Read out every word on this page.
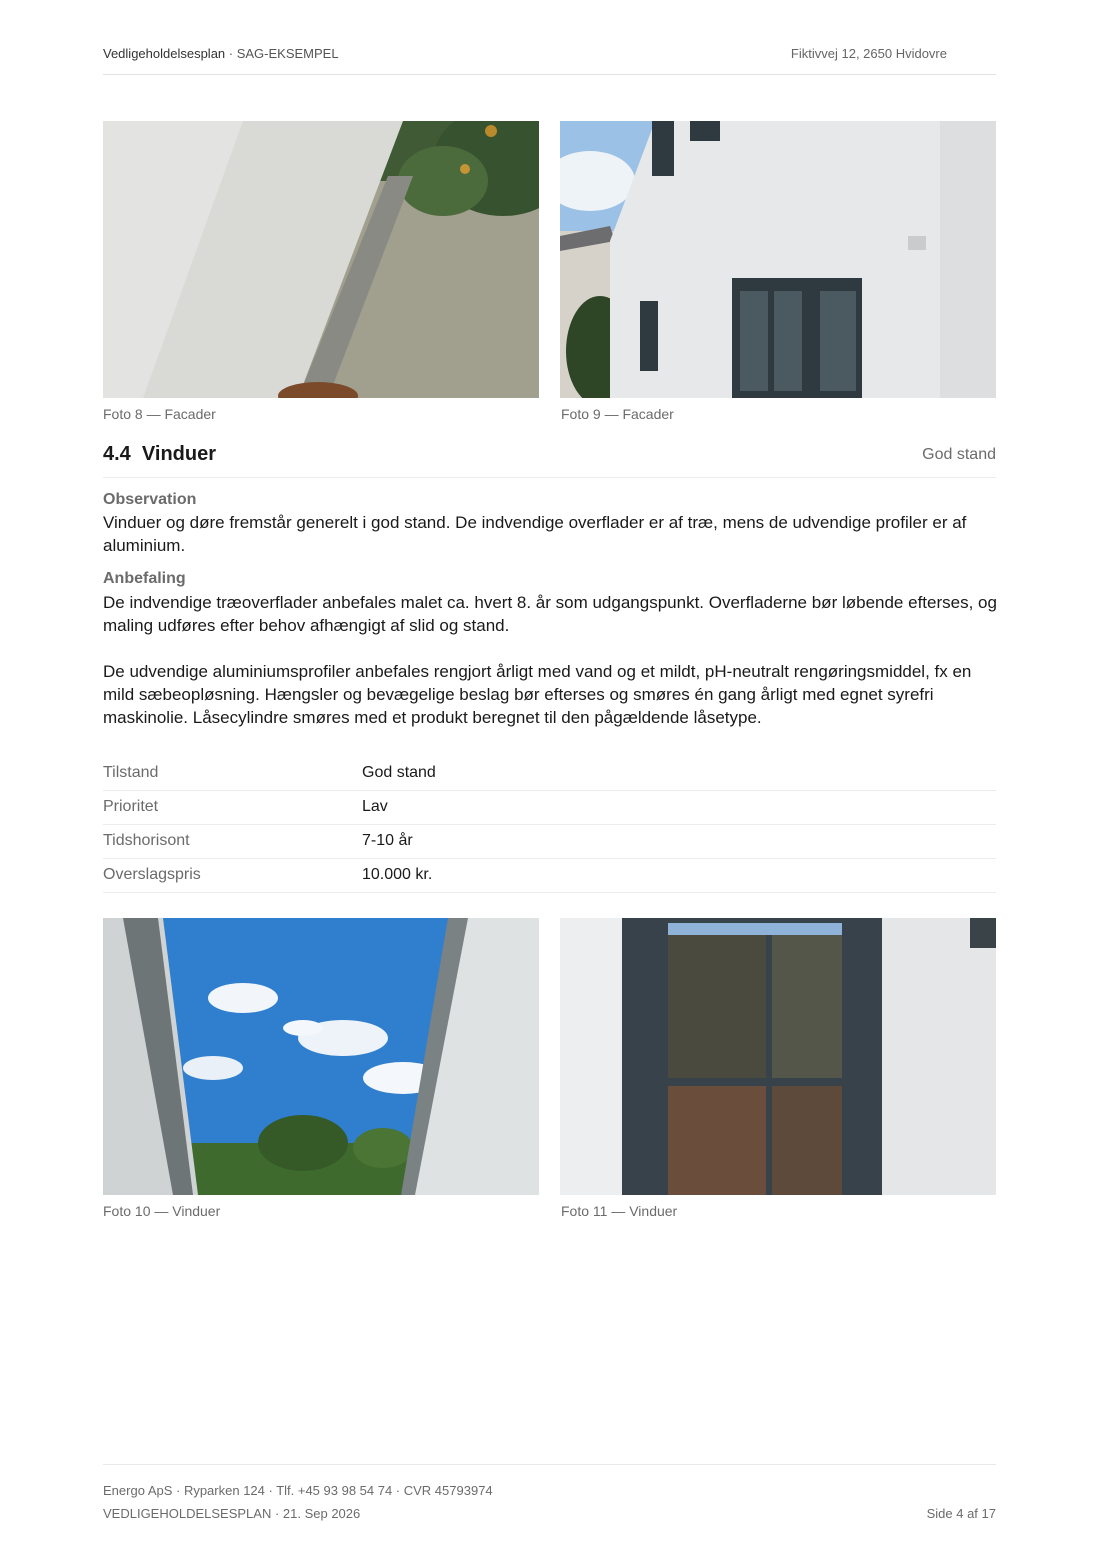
Vedligeholdelsesplan · SAG-EKSEMPEL	Fiktivvej 12, 2650 Hvidovre
Foto 8 — Facader	Foto 9 — Facader
4.4  Vinduer	God stand
Observation
Vinduer og døre fremstår generelt i god stand. De indvendige overflader er af træ, mens de udvendige profiler er af aluminium.
Anbefaling
De indvendige træoverflader anbefales malet ca. hvert 8. år som udgangspunkt. Overfladerne bør løbende efterses, og maling udføres efter behov afhængigt af slid og stand.
De udvendige aluminiumsprofiler anbefales rengjort årligt med vand og et mildt, pH-neutralt rengøringsmiddel, fx en mild sæbeopløsning. Hængsler og bevægelige beslag bør efterses og smøres én gang årligt med egnet syrefri maskinolie. Låsecylindre smøres med et produkt beregnet til den pågældende låsetype.
Tilstand	God stand
Prioritet	Lav
Tidshorisont	7-10 år
Overslagspris	10.000 kr.
Foto 10 — Vinduer	Foto 11 — Vinduer
Energo ApS · Ryparken 124 · Tlf. +45 93 98 54 74 · CVR 45793974
VEDLIGEHOLDELSESPLAN · 21. Sep 2026	Side 4 af 17
